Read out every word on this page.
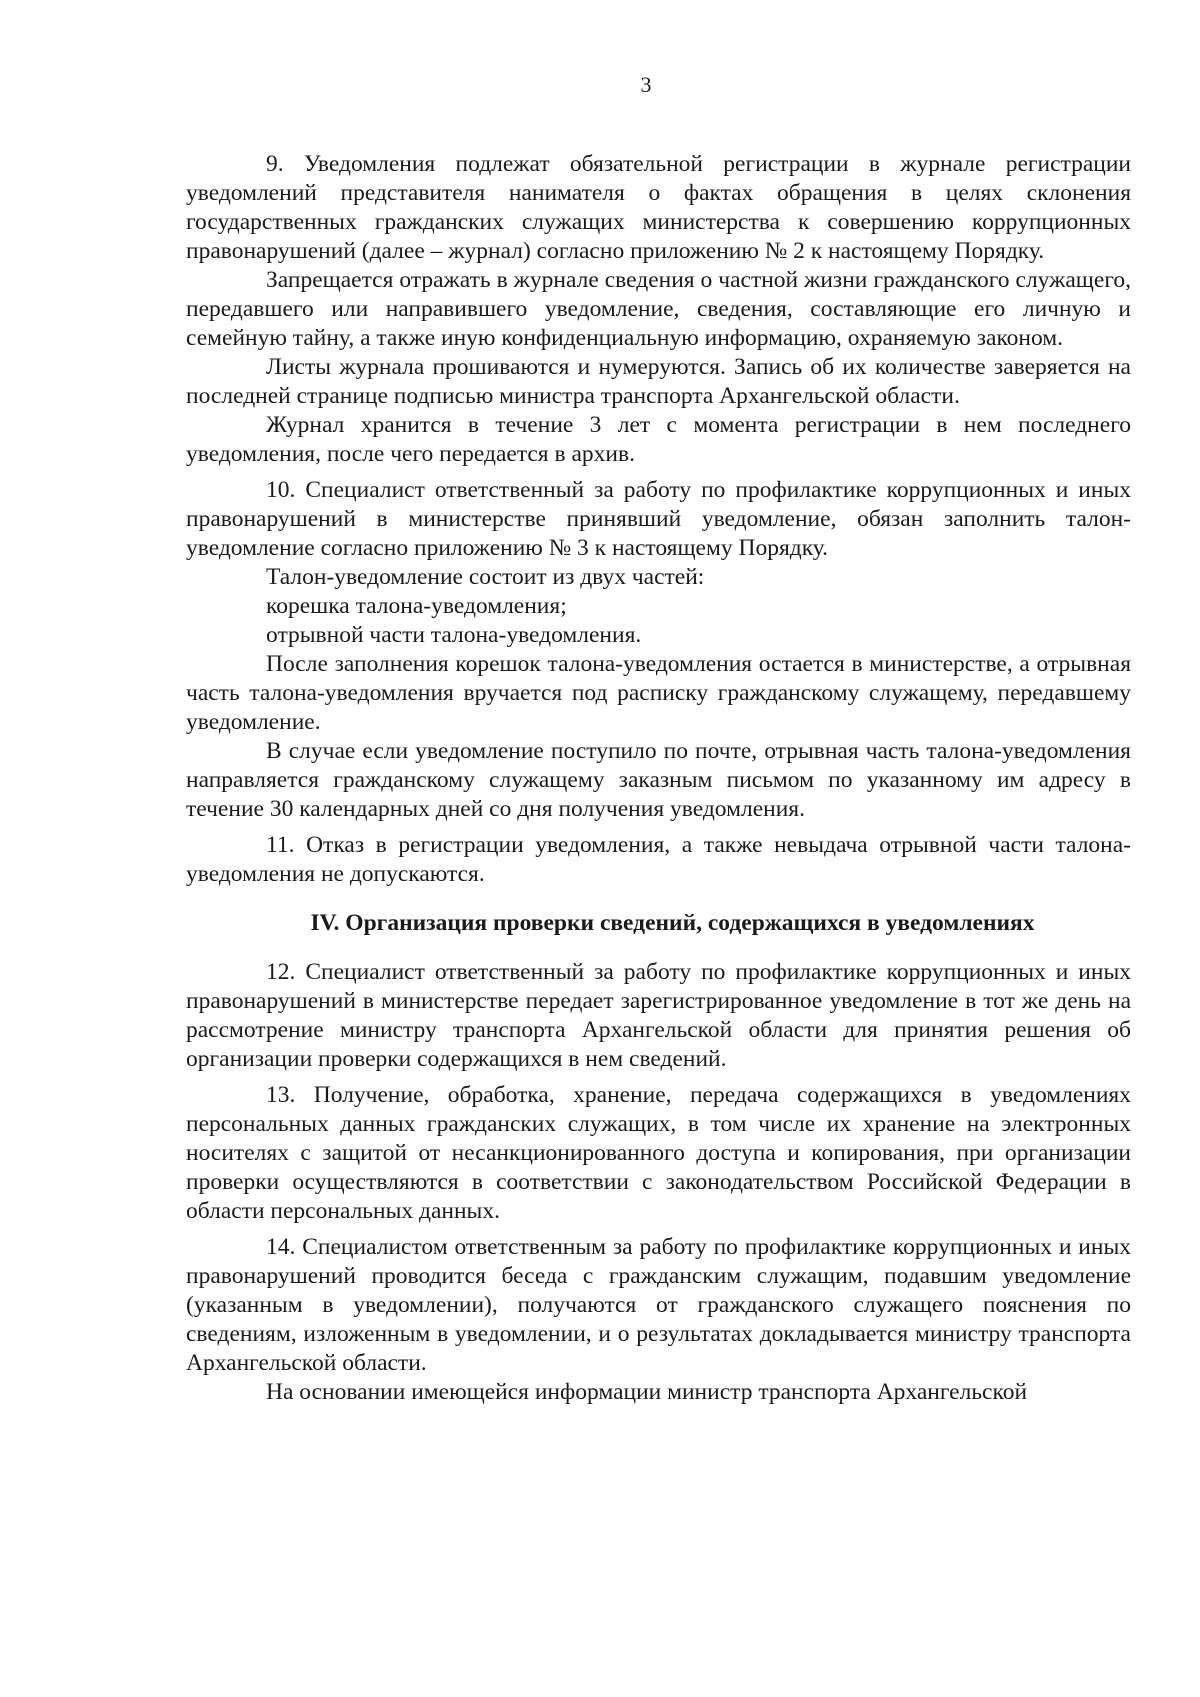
3

9. Уведомления подлежат обязательной регистрации в журнале регистрации уведомлений представителя нанимателя о фактах обращения в целях склонения государственных гражданских служащих министерства к совершению коррупционных правонарушений (далее – журнал) согласно приложению № 2 к настоящему Порядку.

Запрещается отражать в журнале сведения о частной жизни гражданского служащего, передавшего или направившего уведомление, сведения, составляющие его личную и семейную тайну, а также иную конфиденциальную информацию, охраняемую законом.

Листы журнала прошиваются и нумеруются. Запись об их количестве заверяется на последней странице подписью министра транспорта Архангельской области.

Журнал хранится в течение 3 лет с момента регистрации в нем последнего уведомления, после чего передается в архив.

10. Специалист ответственный за работу по профилактике коррупционных и иных правонарушений в министерстве принявший уведомление, обязан заполнить талон-уведомление согласно приложению № 3 к настоящему Порядку.

Талон-уведомление состоит из двух частей:

корешка талона-уведомления;

отрывной части талона-уведомления.

После заполнения корешок талона-уведомления остается в министерстве, а отрывная часть талона-уведомления вручается под расписку гражданскому служащему, передавшему уведомление.

В случае если уведомление поступило по почте, отрывная часть талона-уведомления направляется гражданскому служащему заказным письмом по указанному им адресу в течение 30 календарных дней со дня получения уведомления.

11. Отказ в регистрации уведомления, а также невыдача отрывной части талона-уведомления не допускаются.

IV. Организация проверки сведений, содержащихся в уведомлениях

12. Специалист ответственный за работу по профилактике коррупционных и иных правонарушений в министерстве передает зарегистрированное уведомление в тот же день на рассмотрение министру транспорта Архангельской области для принятия решения об организации проверки содержащихся в нем сведений.

13. Получение, обработка, хранение, передача содержащихся в уведомлениях персональных данных гражданских служащих, в том числе их хранение на электронных носителях с защитой от несанкционированного доступа и копирования, при организации проверки осуществляются в соответствии с законодательством Российской Федерации в области персональных данных.

14. Специалистом ответственным за работу по профилактике коррупционных и иных правонарушений проводится беседа с гражданским служащим, подавшим уведомление (указанным в уведомлении), получаются от гражданского служащего пояснения по сведениям, изложенным в уведомлении, и о результатах докладывается министру транспорта Архангельской области.

На основании имеющейся информации министр транспорта Архангельской
